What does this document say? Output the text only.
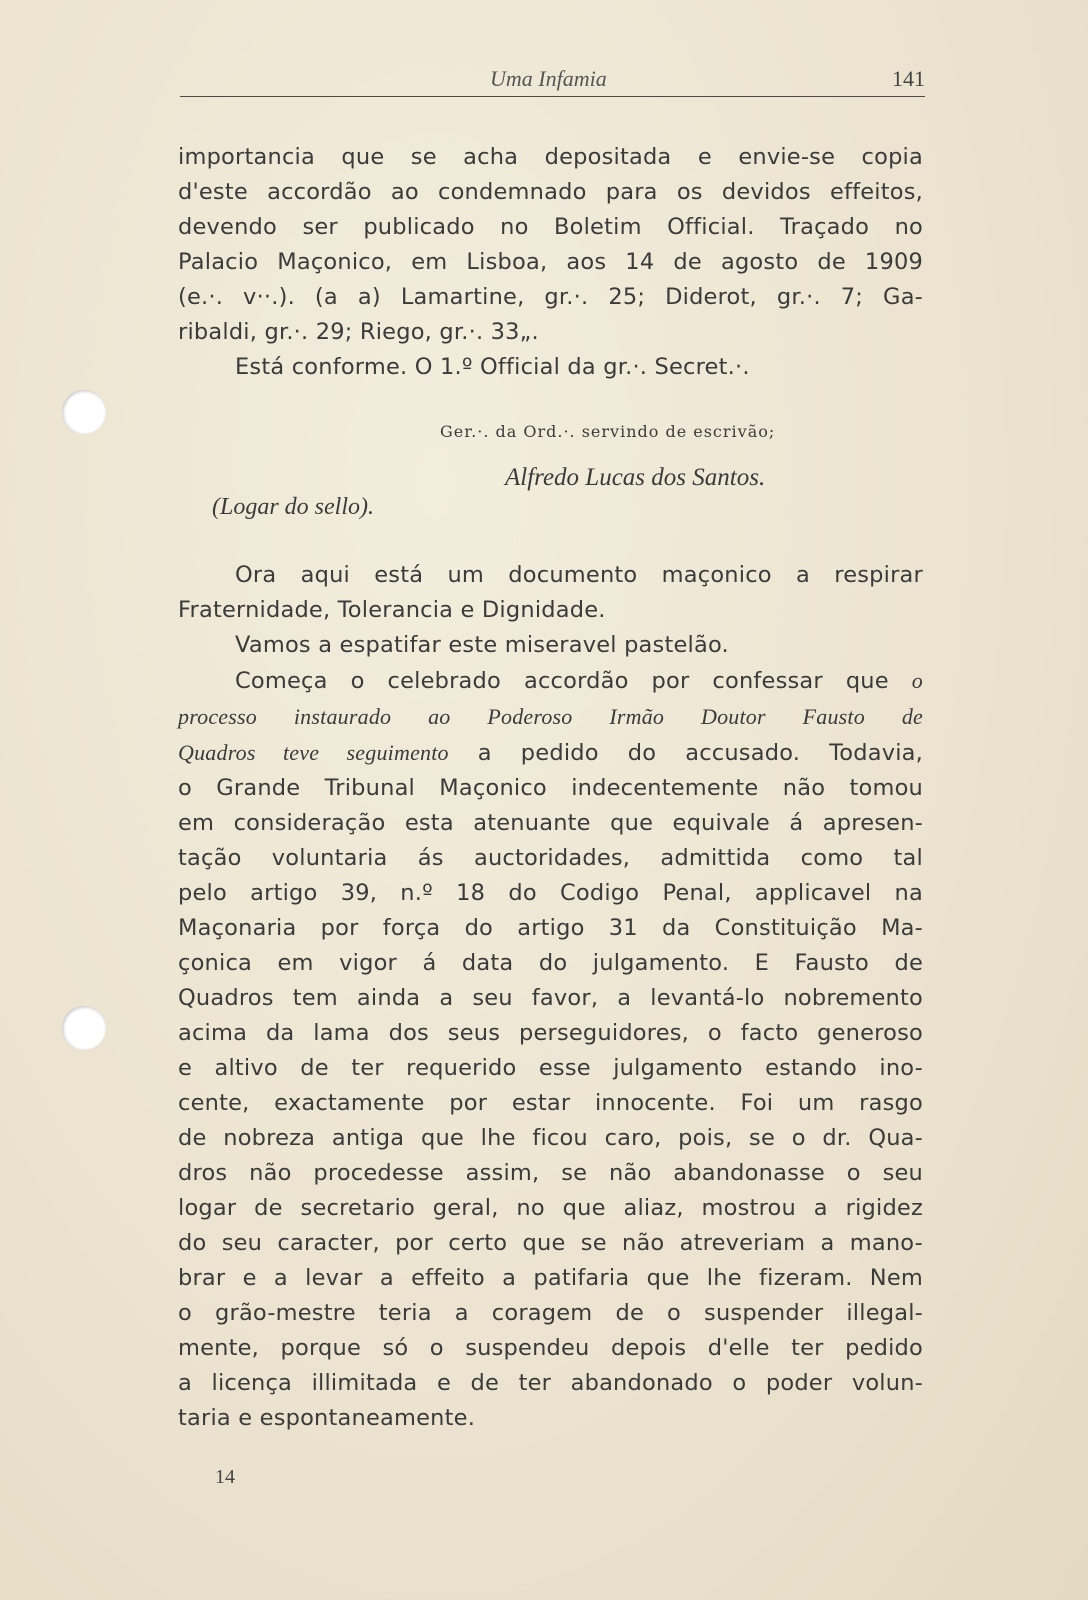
Uma Infamia	141
importancia que se acha depositada e envie-se copia
d'este accordão ao condemnado para os devidos effeitos,
devendo ser publicado no Boletim Official. Traçado no
Palacio Maçonico, em Lisboa, aos 14 de agosto de 1909
(e.·. v··.). (a a) Lamartine, gr.·. 25; Diderot, gr.·. 7; Ga-
ribaldi, gr.·. 29; Riego, gr.·. 33„.
Está conforme. O 1.º Official da gr.·. Secret.·.
Ger.·. da Ord.·. servindo de escrivão;
Alfredo Lucas dos Santos.
(Logar do sello).
Ora aqui está um documento maçonico a respirar
Fraternidade, Tolerancia e Dignidade.
Vamos a espatifar este miseravel pastelão.
Começa o celebrado accordão por confessar que o
processo instaurado ao Poderoso Irmão Doutor Fausto de
Quadros teve seguimento a pedido do accusado. Todavia,
o Grande Tribunal Maçonico indecentemente não tomou
em consideração esta atenuante que equivale á apresen-
tação voluntaria ás auctoridades, admittida como tal
pelo artigo 39, n.º 18 do Codigo Penal, applicavel na
Maçonaria por força do artigo 31 da Constituição Ma-
çonica em vigor á data do julgamento. E Fausto de
Quadros tem ainda a seu favor, a levantá-lo nobremento
acima da lama dos seus perseguidores, o facto generoso
e altivo de ter requerido esse julgamento estando ino-
cente, exactamente por estar innocente. Foi um rasgo
de nobreza antiga que lhe ficou caro, pois, se o dr. Qua-
dros não procedesse assim, se não abandonasse o seu
logar de secretario geral, no que aliaz, mostrou a rigidez
do seu caracter, por certo que se não atreveriam a mano-
brar e a levar a effeito a patifaria que lhe fizeram. Nem
o grão-mestre teria a coragem de o suspender illegal-
mente, porque só o suspendeu depois d'elle ter pedido
a licença illimitada e de ter abandonado o poder volun-
taria e espontaneamente.
14
